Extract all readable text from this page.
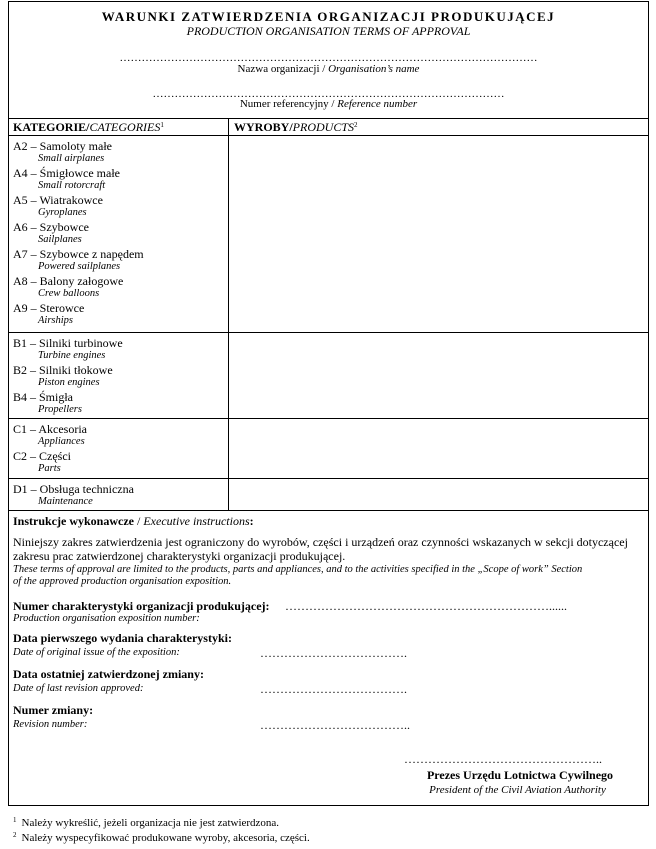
WARUNKI ZATWIERDZENIA ORGANIZACJI PRODUKUJĄCEJ
PRODUCTION ORGANISATION TERMS OF APPROVAL
……………………………………………………………………………………………………
Nazwa organizacji / Organisation’s name
……………………………………………………………………………………
Numer referencyjny / Reference number
KATEGORIE/CATEGORIES$^1$	WYROBY/PRODUCTS$^2$
A2 – Samoloty małe
Small airplanes
A4 – Śmigłowce małe
Small rotorcraft
A5 – Wiatrakowce
Gyroplanes
A6 – Szybowce
Sailplanes
A7 – Szybowce z napędem
Powered sailplanes
A8 – Balony załogowe
Crew balloons
A9 – Sterowce
Airships
B1 – Silniki turbinowe
Turbine engines
B2 – Silniki tłokowe
Piston engines
B4 – Śmigła
Propellers
C1 – Akcesoria
Appliances
C2 – Części
Parts
D1 – Obsługa techniczna
Maintenance
Instrukcje wykonawcze / Executive instructions:
Niniejszy zakres zatwierdzenia jest ograniczony do wyrobów, części i urządzeń oraz czynności wskazanych w sekcji dotyczącej
zakresu prac zatwierdzonej charakterystyki organizacji produkującej.
These terms of approval are limited to the products, parts and appliances, and to the activities specified in the „Scope of work” Section
of the approved production organisation exposition.
Numer charakterystyki organizacji produkującej: …………………………………………………………......
Production organisation exposition number:
Data pierwszego wydania charakterystyki:
Date of original issue of the exposition:	……………………………….
Data ostatniej zatwierdzonej zmiany:
Date of last revision approved:	……………………………….
Numer zmiany:
Revision number:	………………………………..
…………………………………………..
Prezes Urzędu Lotnictwa Cywilnego
President of the Civil Aviation Authority
$^1$ Należy wykreślić, jeżeli organizacja nie jest zatwierdzona.
$^2$ Należy wyspecyfikować produkowane wyroby, akcesoria, części.
